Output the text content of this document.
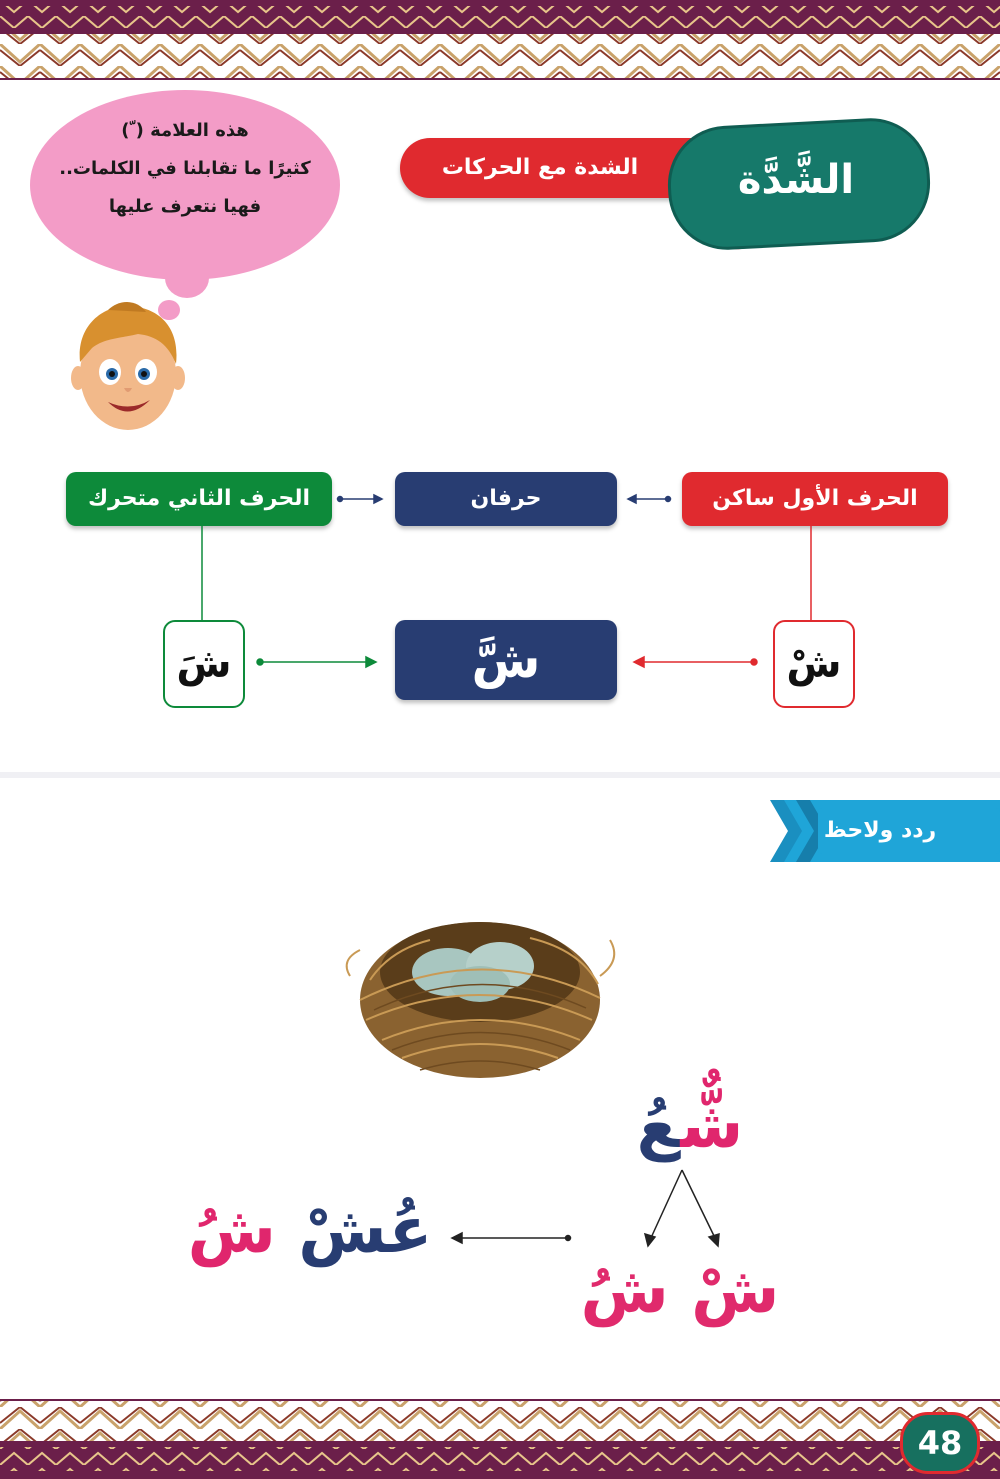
الشدة مع الحركات	الشَّدَّة
هذه العلامة ( ّ)
كثيرًا ما تقابلنا في الكلمات..
فهيا نتعرف عليها
الحرف الأول ساكن
حرفان
الحرف الثاني متحرك
شْ
شَّ
شَ
ردد ولاحظ
شٌّعُ
شْ شُ
عُشْ شُ
48
